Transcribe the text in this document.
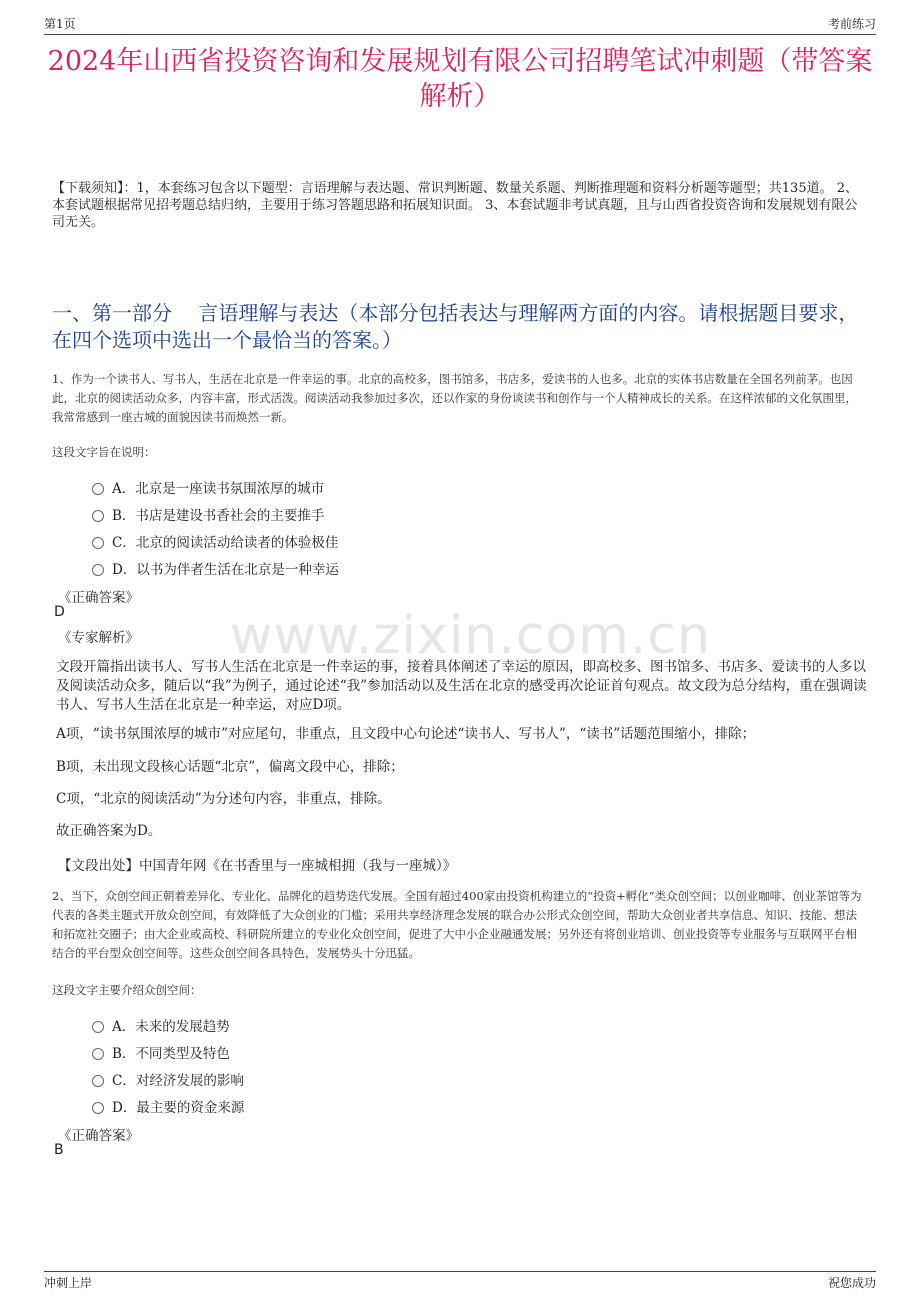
第1页	考前练习
2024年山西省投资咨询和发展规划有限公司招聘笔试冲刺题（带答案解析）
【下载须知】：1，本套练习包含以下题型：言语理解与表达题、常识判断题、数量关系题、判断推理题和资料分析题等题型；共135道。 2、本套试题根据常见招考题总结归纳，主要用于练习答题思路和拓展知识面。 3、本套试题非考试真题，且与山西省投资咨询和发展规划有限公司无关。
一、第一部分　 言语理解与表达（本部分包括表达与理解两方面的内容。请根据题目要求，在四个选项中选出一个最恰当的答案。）
www.zixin.com.cn
1、作为一个读书人、写书人，生活在北京是一件幸运的事。北京的高校多，图书馆多，书店多，爱读书的人也多。北京的实体书店数量在全国名列前茅。也因此，北京的阅读活动众多，内容丰富，形式活泼。阅读活动我参加过多次，还以作家的身份谈读书和创作与一个人精神成长的关系。在这样浓郁的文化氛围里，我常常感到一座古城的面貌因读书而焕然一新。
这段文字旨在说明：
A．北京是一座读书氛围浓厚的城市
B．书店是建设书香社会的主要推手
C．北京的阅读活动给读者的体验极佳
D．以书为伴者生活在北京是一种幸运
《正确答案》
D
《专家解析》
文段开篇指出读书人、写书人生活在北京是一件幸运的事，接着具体阐述了幸运的原因，即高校多、图书馆多、书店多、爱读书的人多以及阅读活动众多，随后以“我”为例子，通过论述“我”参加活动以及生活在北京的感受再次论证首句观点。故文段为总分结构，重在强调读书人、写书人生活在北京是一种幸运，对应D项。
A项，“读书氛围浓厚的城市”对应尾句，非重点，且文段中心句论述“读书人、写书人”，“读书”话题范围缩小，排除；
B项，未出现文段核心话题“北京”，偏离文段中心，排除；
C项，“北京的阅读活动”为分述句内容，非重点，排除。
故正确答案为D。
【文段出处】中国青年网《在书香里与一座城相拥（我与一座城）》
2、当下，众创空间正朝着差异化、专业化、品牌化的趋势迭代发展。全国有超过400家由投资机构建立的“投资+孵化”类众创空间；以创业咖啡、创业茶馆等为代表的各类主题式开放众创空间，有效降低了大众创业的门槛；采用共享经济理念发展的联合办公形式众创空间，帮助大众创业者共享信息、知识、技能、想法和拓宽社交圈子；由大企业或高校、科研院所建立的专业化众创空间，促进了大中小企业融通发展；另外还有将创业培训、创业投资等专业服务与互联网平台相结合的平台型众创空间等。这些众创空间各具特色，发展势头十分迅猛。
这段文字主要介绍众创空间：
A．未来的发展趋势
B．不同类型及特色
C．对经济发展的影响
D．最主要的资金来源
《正确答案》
B
冲刺上岸	祝您成功
